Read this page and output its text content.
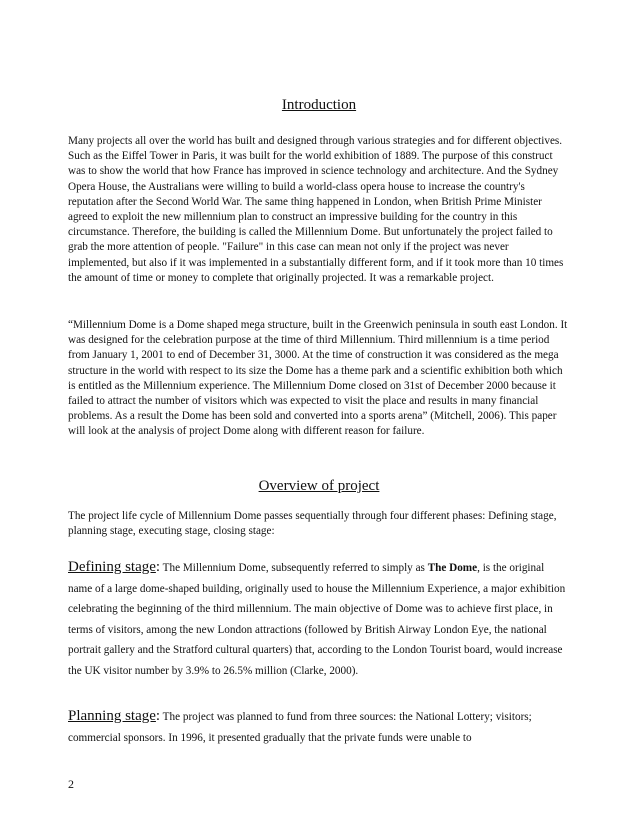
Introduction

Many projects all over the world has built and designed through various strategies and for different objectives. Such as the Eiffel Tower in Paris, it was built for the world exhibition of 1889. The purpose of this construct was to show the world that how France has improved in science technology and architecture. And the Sydney Opera House, the Australians were willing to build a world-class opera house to increase the country's reputation after the Second World War. The same thing happened in London, when British Prime Minister agreed to exploit the new millennium plan to construct an impressive building for the country in this circumstance. Therefore, the building is called the Millennium Dome. But unfortunately the project failed to grab the more attention of people. "Failure" in this case can mean not only if the project was never implemented, but also if it was implemented in a substantially different form, and if it took more than 10 times the amount of time or money to complete that originally projected. It was a remarkable project.

“Millennium Dome is a Dome shaped mega structure, built in the Greenwich peninsula in south east London. It was designed for the celebration purpose at the time of third Millennium. Third millennium is a time period from January 1, 2001 to end of December 31, 3000. At the time of construction it was considered as the mega structure in the world with respect to its size the Dome has a theme park and a scientific exhibition both which is entitled as the Millennium experience. The Millennium Dome closed on 31st of December 2000 because it failed to attract the number of visitors which was expected to visit the place and results in many financial problems. As a result the Dome has been sold and converted into a sports arena” (Mitchell, 2006). This paper will look at the analysis of project Dome along with different reason for failure.

Overview of project

The project life cycle of Millennium Dome passes sequentially through four different phases: Defining stage, planning stage, executing stage, closing stage:

Defining stage: The Millennium Dome, subsequently referred to simply as The Dome, is the original name of a large dome-shaped building, originally used to house the Millennium Experience, a major exhibition celebrating the beginning of the third millennium. The main objective of Dome was to achieve first place, in terms of visitors, among the new London attractions (followed by British Airway London Eye, the national portrait gallery and the Stratford cultural quarters) that, according to the London Tourist board, would increase the UK visitor number by 3.9% to 26.5% million (Clarke, 2000).

Planning stage: The project was planned to fund from three sources: the National Lottery; visitors; commercial sponsors. In 1996, it presented gradually that the private funds were unable to

2
